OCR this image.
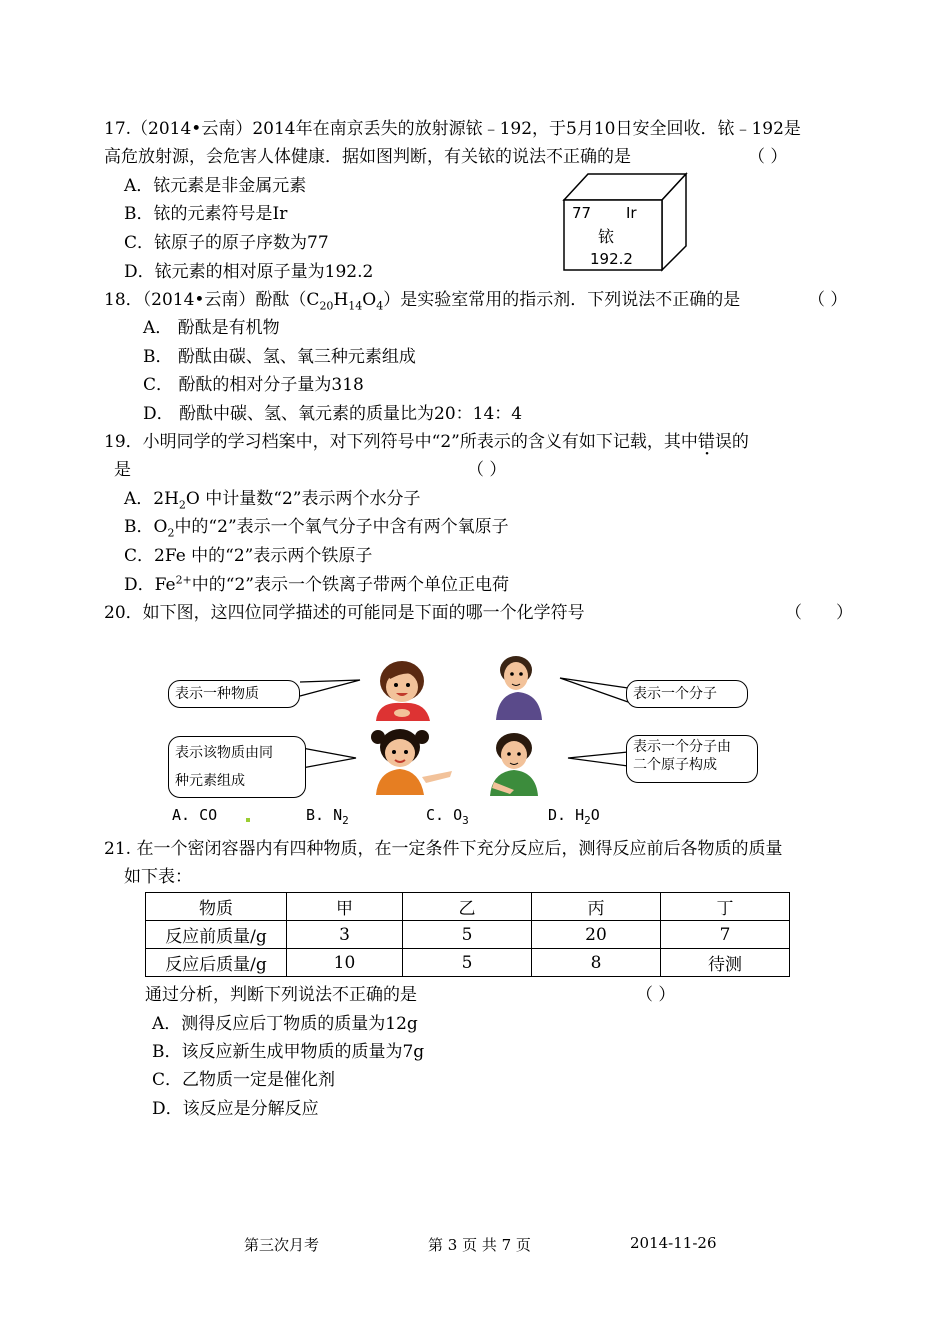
17.（2014•云南）2014年在南京丢失的放射源铱﹣192，于5月10日安全回收．铱﹣192是
高危放射源，会危害人体健康．据如图判断，有关铱的说法不正确的是	（ ）
A．铱元素是非金属元素
B．铱的元素符号是Ir
C．铱原子的原子序数为77
D．铱元素的相对原子量为192.2
77 Ir
铱
192.2
18．（2014•云南）酚酞$(C_{20}H_{14}O_4)$是实验室常用的指示剂．下列说法不正确的是	（ ）
A． 酚酞是有机物
B． 酚酞由碳、氢、氧三种元素组成
C． 酚酞的相对分子量为318
D． 酚酞中碳、氢、氧元素的质量比为20：14：4
19．小明同学的学习档案中，对下列符号中“2”所表示的含义有如下记载，其中错误的
是	（ ）
A．$2H_2O$ 中计量数“2”表示两个水分子
B．$O_2$中的“2”表示一个氧气分子中含有两个氧原子
C．2Fe 中的“2”表示两个铁原子
D．$Fe^{2+}$中的“2”表示一个铁离子带两个单位正电荷
20．如下图，这四位同学描述的可能同是下面的哪一个化学符号	（　　）
表示一种物质	表示一个分子
表示该物质由同
种元素组成
表示一个分子由
二个原子构成
A. CO	B. $N_2$	C. $O_3$	D. $H_2O$
21. 在一个密闭容器内有四种物质，在一定条件下充分反应后，测得反应前后各物质的质量
如下表：
物质	甲	乙	丙	丁
反应前质量/g	3	5	20	7
反应后质量/g	10	5	8	待测
通过分析，判断下列说法不正确的是	（ ）
A．测得反应后丁物质的质量为12g
B．该反应新生成甲物质的质量为7g
C．乙物质一定是催化剂
D．该反应是分解反应
第三次月考	第 3 页 共 7 页	2014-11-26
